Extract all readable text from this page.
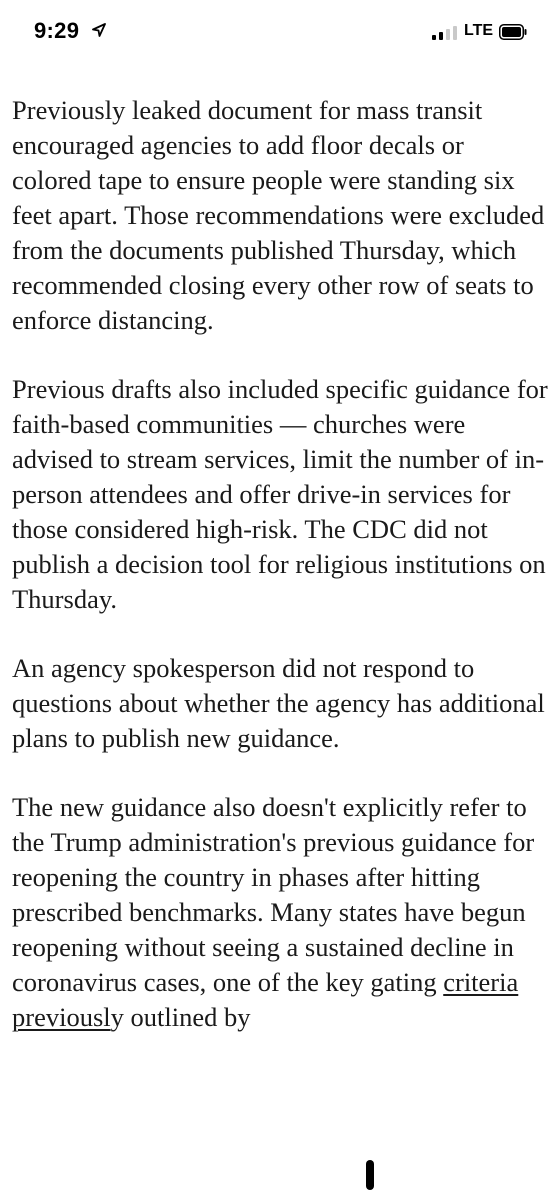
9:29	LTE

Previously leaked document for mass transit encouraged agencies to add floor decals or colored tape to ensure people were standing six feet apart. Those recommendations were excluded from the documents published Thursday, which recommended closing every other row of seats to enforce distancing.

Previous drafts also included specific guidance for faith-based communities — churches were advised to stream services, limit the number of in-person attendees and offer drive-in services for those considered high-risk. The CDC did not publish a decision tool for religious institutions on Thursday.

An agency spokesperson did not respond to questions about whether the agency has additional plans to publish new guidance.

The new guidance also doesn't explicitly refer to the Trump administration's previous guidance for reopening the country in phases after hitting prescribed benchmarks. Many states have begun reopening without seeing a sustained decline in coronavirus cases, one of the key gating criteria previously outlined by
